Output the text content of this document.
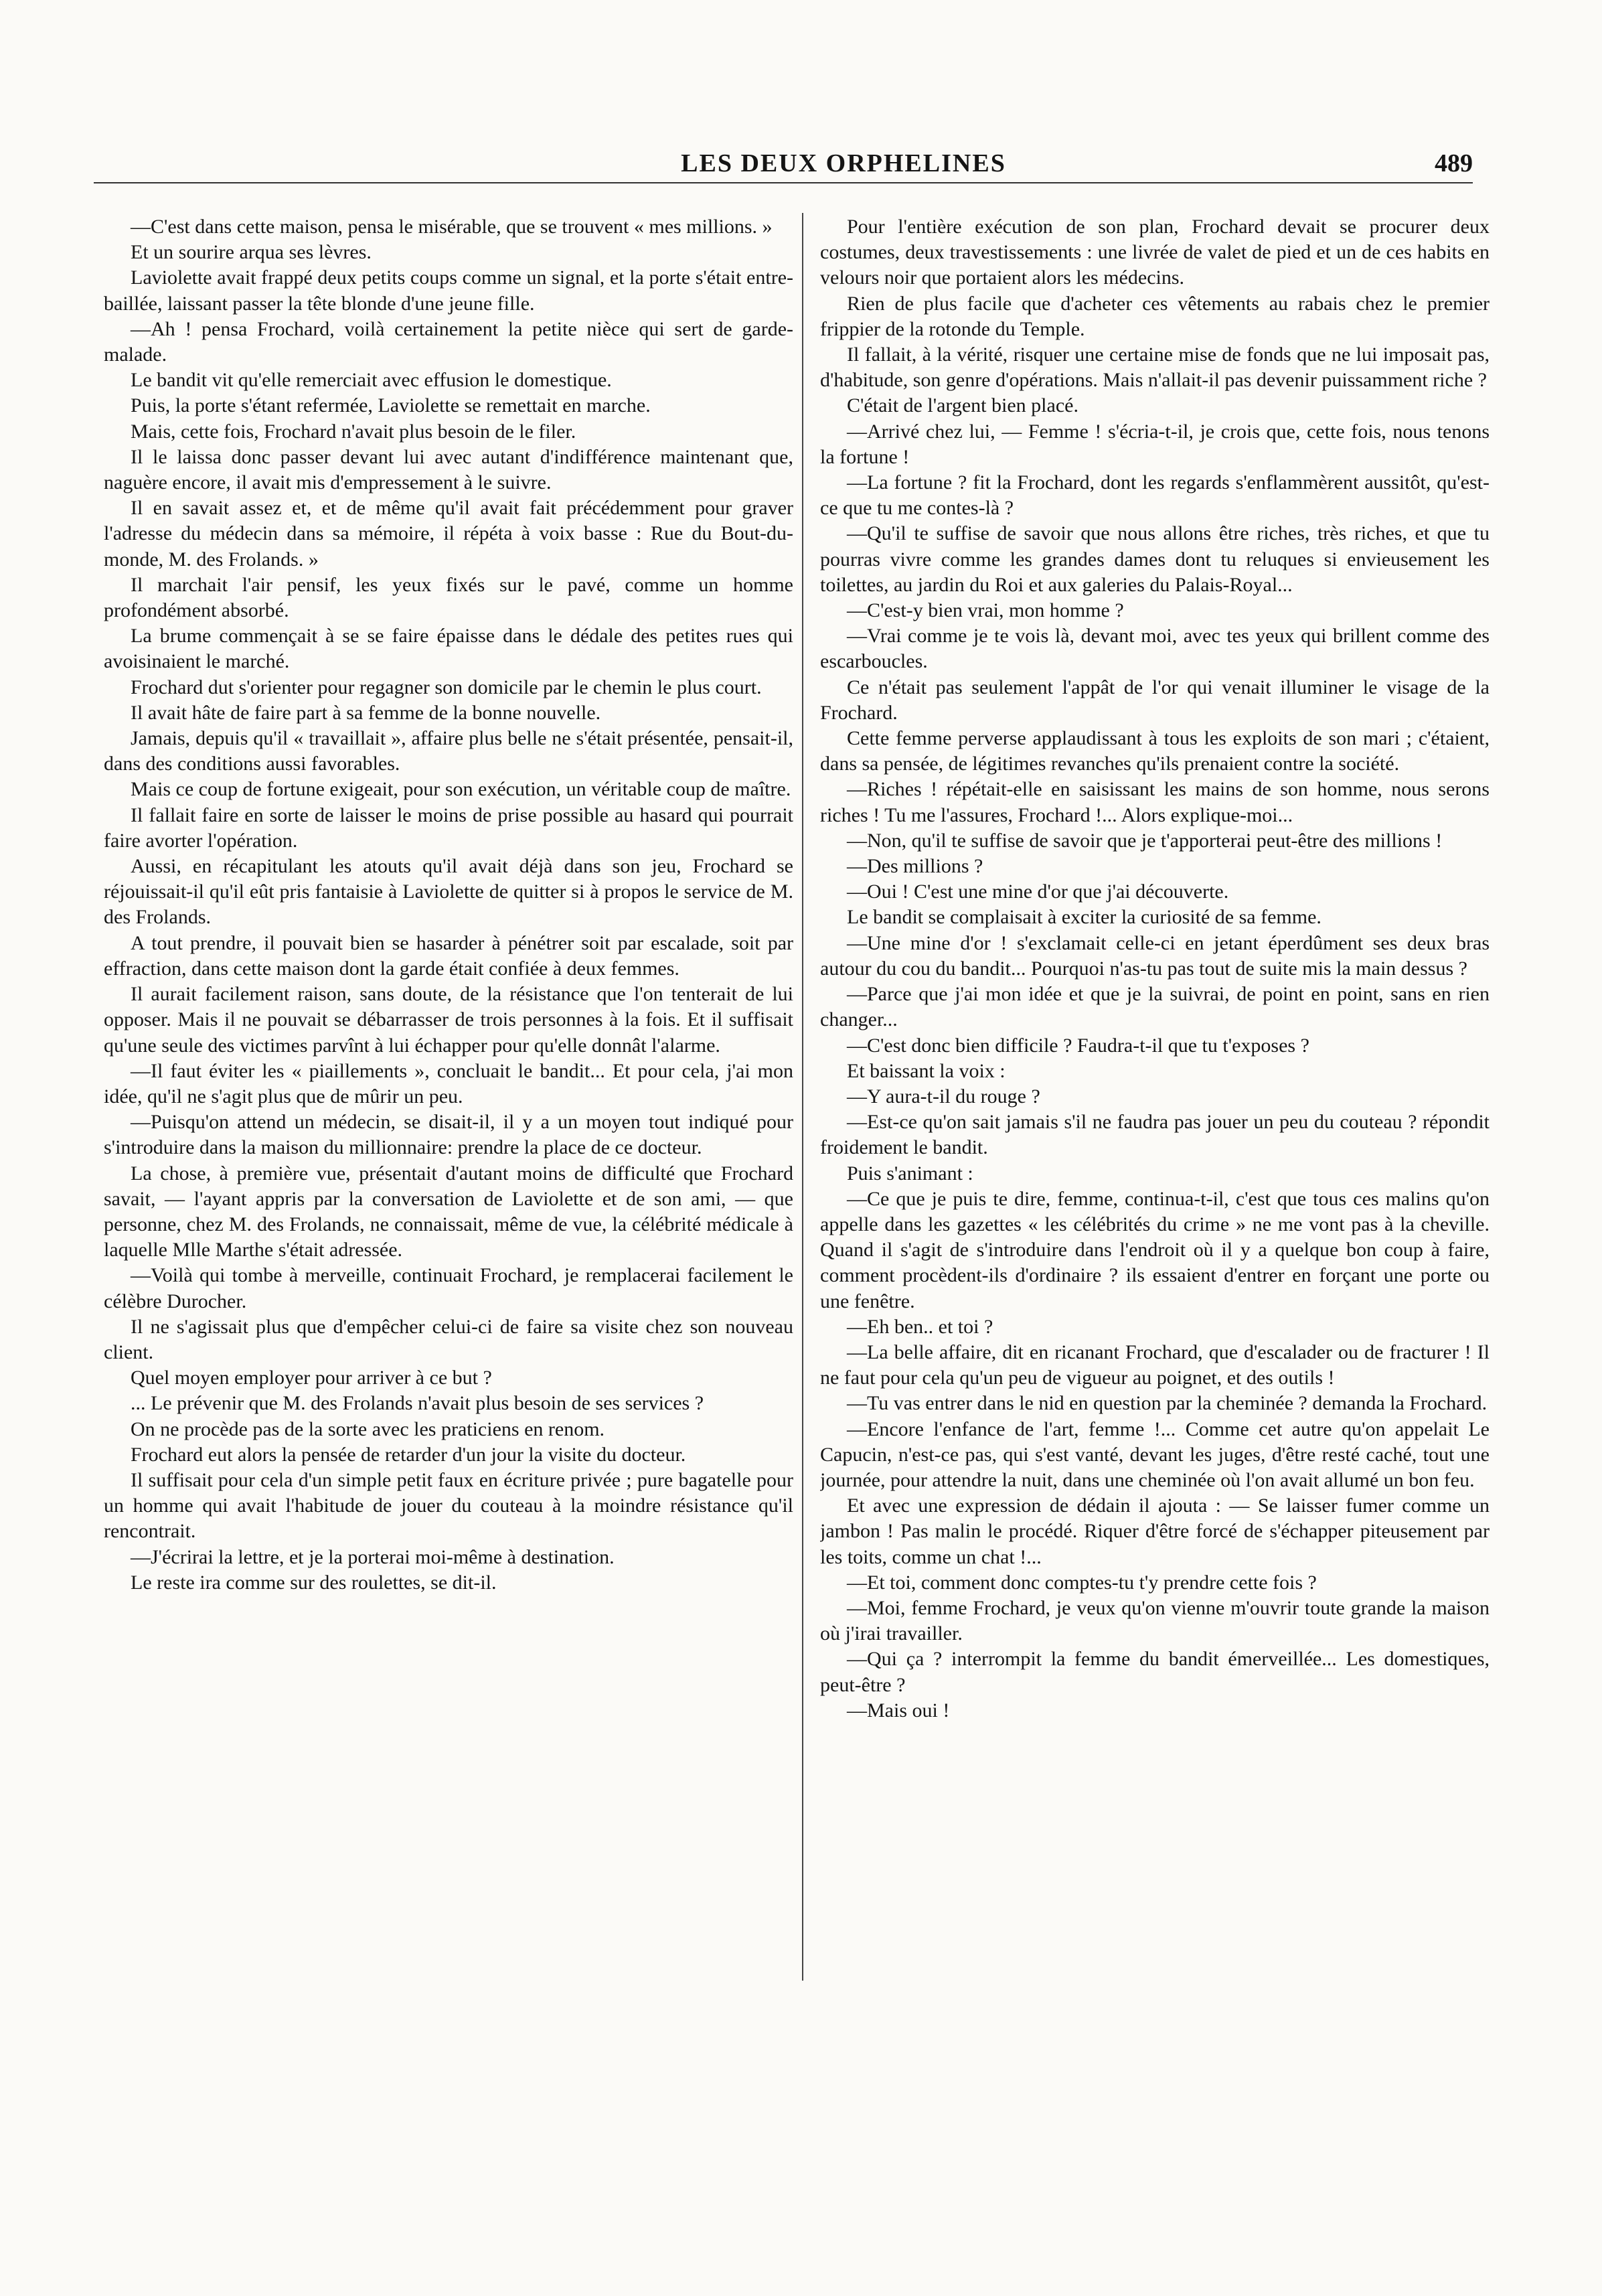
LES DEUX ORPHELINES	489

—C'est dans cette maison, pensa le misérable, que se trouvent « mes millions. »

Et un sourire arqua ses lèvres.

Laviolette avait frappé deux petits coups comme un signal, et la porte s'était entre-baillée, laissant passer la tête blonde d'une jeune fille.

—Ah ! pensa Frochard, voilà certainement la petite nièce qui sert de garde-malade.

Le bandit vit qu'elle remerciait avec effusion le domestique.

Puis, la porte s'étant refermée, Laviolette se remettait en marche.

Mais, cette fois, Frochard n'avait plus besoin de le filer.

Il le laissa donc passer devant lui avec autant d'indifférence maintenant que, naguère encore, il avait mis d'empressement à le suivre.

Il en savait assez et, et de même qu'il avait fait précédemment pour graver l'adresse du médecin dans sa mémoire, il répéta à voix basse : Rue du Bout-du-monde, M. des Frolands. »

Il marchait l'air pensif, les yeux fixés sur le pavé, comme un homme profondément absorbé.

La brume commençait à se se faire épaisse dans le dédale des petites rues qui avoisinaient le marché.

Frochard dut s'orienter pour regagner son domicile par le chemin le plus court.

Il avait hâte de faire part à sa femme de la bonne nouvelle.

Jamais, depuis qu'il « travaillait », affaire plus belle ne s'était présentée, pensait-il, dans des conditions aussi favorables.

Mais ce coup de fortune exigeait, pour son exécution, un véritable coup de maître.

Il fallait faire en sorte de laisser le moins de prise possible au hasard qui pourrait faire avorter l'opération.

Aussi, en récapitulant les atouts qu'il avait déjà dans son jeu, Frochard se réjouissait-il qu'il eût pris fantaisie à Laviolette de quitter si à propos le service de M. des Frolands.

A tout prendre, il pouvait bien se hasarder à pénétrer soit par escalade, soit par effraction, dans cette maison dont la garde était confiée à deux femmes.

Il aurait facilement raison, sans doute, de la résistance que l'on tenterait de lui opposer. Mais il ne pouvait se débarrasser de trois personnes à la fois. Et il suffisait qu'une seule des victimes parvînt à lui échapper pour qu'elle donnât l'alarme.

—Il faut éviter les « piaillements », concluait le bandit... Et pour cela, j'ai mon idée, qu'il ne s'agit plus que de mûrir un peu.

—Puisqu'on attend un médecin, se disait-il, il y a un moyen tout indiqué pour s'introduire dans la maison du millionnaire: prendre la place de ce docteur.

La chose, à première vue, présentait d'autant moins de difficulté que Frochard savait, — l'ayant appris par la conversation de Laviolette et de son ami, — que personne, chez M. des Frolands, ne connaissait, même de vue, la célébrité médicale à laquelle Mlle Marthe s'était adressée.

—Voilà qui tombe à merveille, continuait Frochard, je remplacerai facilement le célèbre Durocher.

Il ne s'agissait plus que d'empêcher celui-ci de faire sa visite chez son nouveau client.

Quel moyen employer pour arriver à ce but ?

... Le prévenir que M. des Frolands n'avait plus besoin de ses services ?

On ne procède pas de la sorte avec les praticiens en renom.

Frochard eut alors la pensée de retarder d'un jour la visite du docteur.

Il suffisait pour cela d'un simple petit faux en écriture privée ; pure bagatelle pour un homme qui avait l'habitude de jouer du couteau à la moindre résistance qu'il rencontrait.

—J'écrirai la lettre, et je la porterai moi-même à destination.

Le reste ira comme sur des roulettes, se dit-il.

Pour l'entière exécution de son plan, Frochard devait se procurer deux costumes, deux travestissements : une livrée de valet de pied et un de ces habits en velours noir que portaient alors les médecins.

Rien de plus facile que d'acheter ces vêtements au rabais chez le premier frippier de la rotonde du Temple.

Il fallait, à la vérité, risquer une certaine mise de fonds que ne lui imposait pas, d'habitude, son genre d'opérations. Mais n'allait-il pas devenir puissamment riche ?

C'était de l'argent bien placé.

—Arrivé chez lui, — Femme ! s'écria-t-il, je crois que, cette fois, nous tenons la fortune !

—La fortune ? fit la Frochard, dont les regards s'enflammèrent aussitôt, qu'est-ce que tu me contes-là ?

—Qu'il te suffise de savoir que nous allons être riches, très riches, et que tu pourras vivre comme les grandes dames dont tu reluques si envieusement les toilettes, au jardin du Roi et aux galeries du Palais-Royal...

—C'est-y bien vrai, mon homme ?

—Vrai comme je te vois là, devant moi, avec tes yeux qui brillent comme des escarboucles.

Ce n'était pas seulement l'appât de l'or qui venait illuminer le visage de la Frochard.

Cette femme perverse applaudissant à tous les exploits de son mari ; c'étaient, dans sa pensée, de légitimes revanches qu'ils prenaient contre la société.

—Riches ! répétait-elle en saisissant les mains de son homme, nous serons riches ! Tu me l'assures, Frochard !... Alors explique-moi...

—Non, qu'il te suffise de savoir que je t'apporterai peut-être des millions !

—Des millions ?

—Oui ! C'est une mine d'or que j'ai découverte.

Le bandit se complaisait à exciter la curiosité de sa femme.

—Une mine d'or ! s'exclamait celle-ci en jetant éperdûment ses deux bras autour du cou du bandit... Pourquoi n'as-tu pas tout de suite mis la main dessus ?

—Parce que j'ai mon idée et que je la suivrai, de point en point, sans en rien changer...

—C'est donc bien difficile ? Faudra-t-il que tu t'exposes ?

Et baissant la voix :

—Y aura-t-il du rouge ?

—Est-ce qu'on sait jamais s'il ne faudra pas jouer un peu du couteau ? répondit froidement le bandit.

Puis s'animant :

—Ce que je puis te dire, femme, continua-t-il, c'est que tous ces malins qu'on appelle dans les gazettes « les célébrités du crime » ne me vont pas à la cheville. Quand il s'agit de s'introduire dans l'endroit où il y a quelque bon coup à faire, comment procèdent-ils d'ordinaire ? ils essaient d'entrer en forçant une porte ou une fenêtre.

—Eh ben.. et toi ?

—La belle affaire, dit en ricanant Frochard, que d'escalader ou de fracturer ! Il ne faut pour cela qu'un peu de vigueur au poignet, et des outils !

—Tu vas entrer dans le nid en question par la cheminée ? demanda la Frochard.

—Encore l'enfance de l'art, femme !... Comme cet autre qu'on appelait Le Capucin, n'est-ce pas, qui s'est vanté, devant les juges, d'être resté caché, tout une journée, pour attendre la nuit, dans une cheminée où l'on avait allumé un bon feu.

Et avec une expression de dédain il ajouta : — Se laisser fumer comme un jambon ! Pas malin le procédé. Riquer d'être forcé de s'échapper piteusement par les toits, comme un chat !...

—Et toi, comment donc comptes-tu t'y prendre cette fois ?

—Moi, femme Frochard, je veux qu'on vienne m'ouvrir toute grande la maison où j'irai travailler.

—Qui ça ? interrompit la femme du bandit émerveillée... Les domestiques, peut-être ?

—Mais oui !
